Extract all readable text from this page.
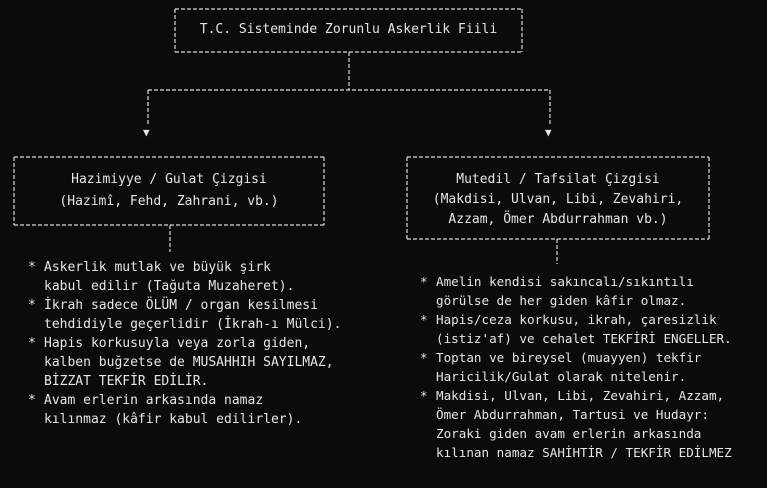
▼	▼
T.C. Sisteminde Zorunlu Askerlik Fiili
Hazimiyye / Gulat Çizgisi
(Hazimî, Fehd, Zahrani, vb.)
Mutedil / Tafsilat Çizgisi
(Makdisi, Ulvan, Libi, Zevahiri,
Azzam, Ömer Abdurrahman vb.)
* Askerlik mutlak ve büyük şirk
kabul edilir (Tağuta Muzaheret).
* İkrah sadece ÖLÜM / organ kesilmesi
tehdidiyle geçerlidir (İkrah-ı Mülci).
* Hapis korkusuyla veya zorla giden,
kalben buğzetse de MUSAHHIH SAYILMAZ,
BİZZAT TEKFİR EDİLİR.
* Avam erlerin arkasında namaz
kılınmaz (kâfir kabul edilirler).
* Amelin kendisi sakıncalı/sıkıntılı
görülse de her giden kâfir olmaz.
* Hapis/ceza korkusu, ikrah, çaresizlik
(istiz'af) ve cehalet TEKFİRİ ENGELLER.
* Toptan ve bireysel (muayyen) tekfir
Haricilik/Gulat olarak nitelenir.
* Makdisi, Ulvan, Libi, Zevahiri, Azzam,
Ömer Abdurrahman, Tartusi ve Hudayr:
Zoraki giden avam erlerin arkasında
kılınan namaz SAHİHTİR / TEKFİR EDİLMEZ
